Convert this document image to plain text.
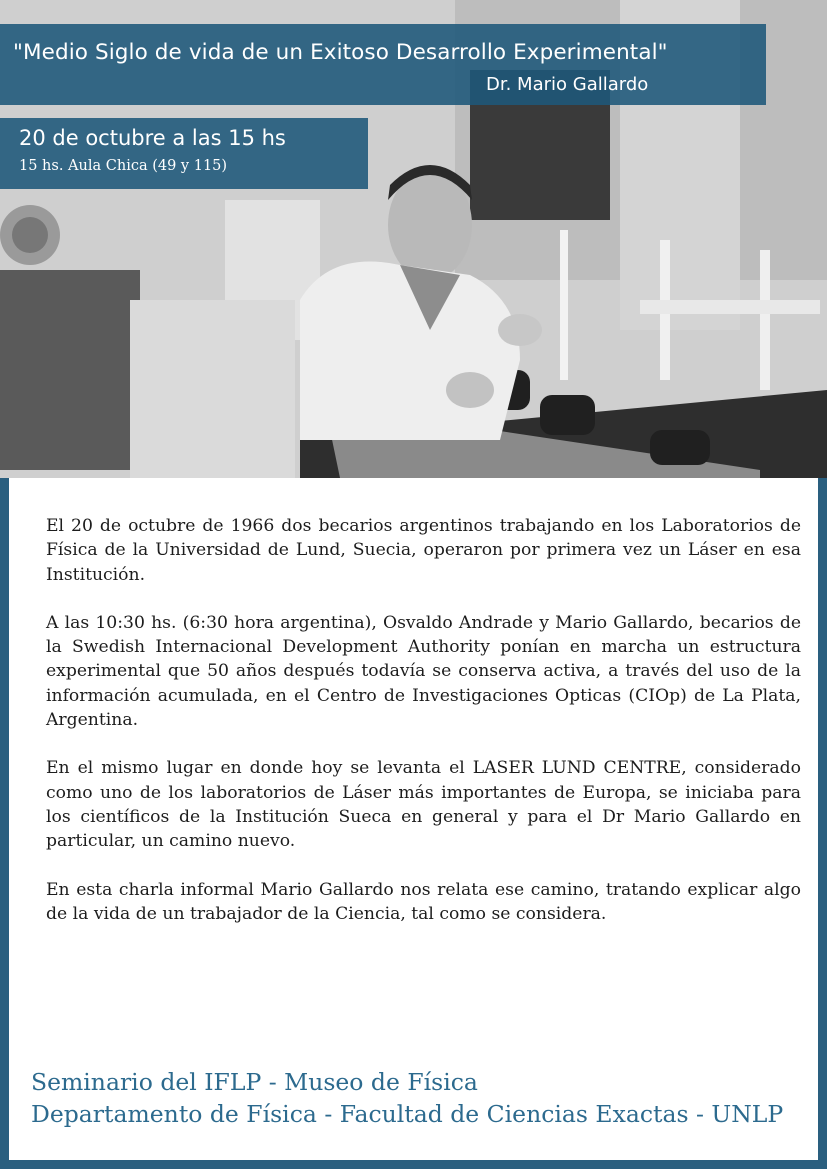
"Medio Siglo de vida de un Exitoso Desarrollo Experimental"
Dr. Mario Gallardo
20 de octubre a las 15 hs
15 hs. Aula Chica (49 y 115)

El 20 de octubre de 1966 dos becarios argentinos trabajando en los Laboratorios de Física de la Universidad de Lund, Suecia, operaron por primera vez un Láser en esa Institución.

A las 10:30 hs. (6:30 hora argentina), Osvaldo Andrade y Mario Gallardo, becarios de la Swedish Internacional Development Authority ponían en marcha un estructura experimental que 50 años después todavía se conserva activa, a través del uso de la información acumulada, en el Centro de Investigaciones Opticas (CIOp) de La Plata, Argentina.

En el mismo lugar en donde hoy se levanta el LASER LUND CENTRE, considerado como uno de los laboratorios de Láser más importantes de Europa, se iniciaba para los científicos de la Institución Sueca en general y para el Dr Mario Gallardo en particular, un camino nuevo.

En esta charla informal Mario Gallardo nos relata ese camino, tratando explicar algo de la vida de un trabajador de la Ciencia, tal como se considera.

Seminario del IFLP - Museo de Física
Departamento de Física - Facultad de Ciencias Exactas - UNLP
